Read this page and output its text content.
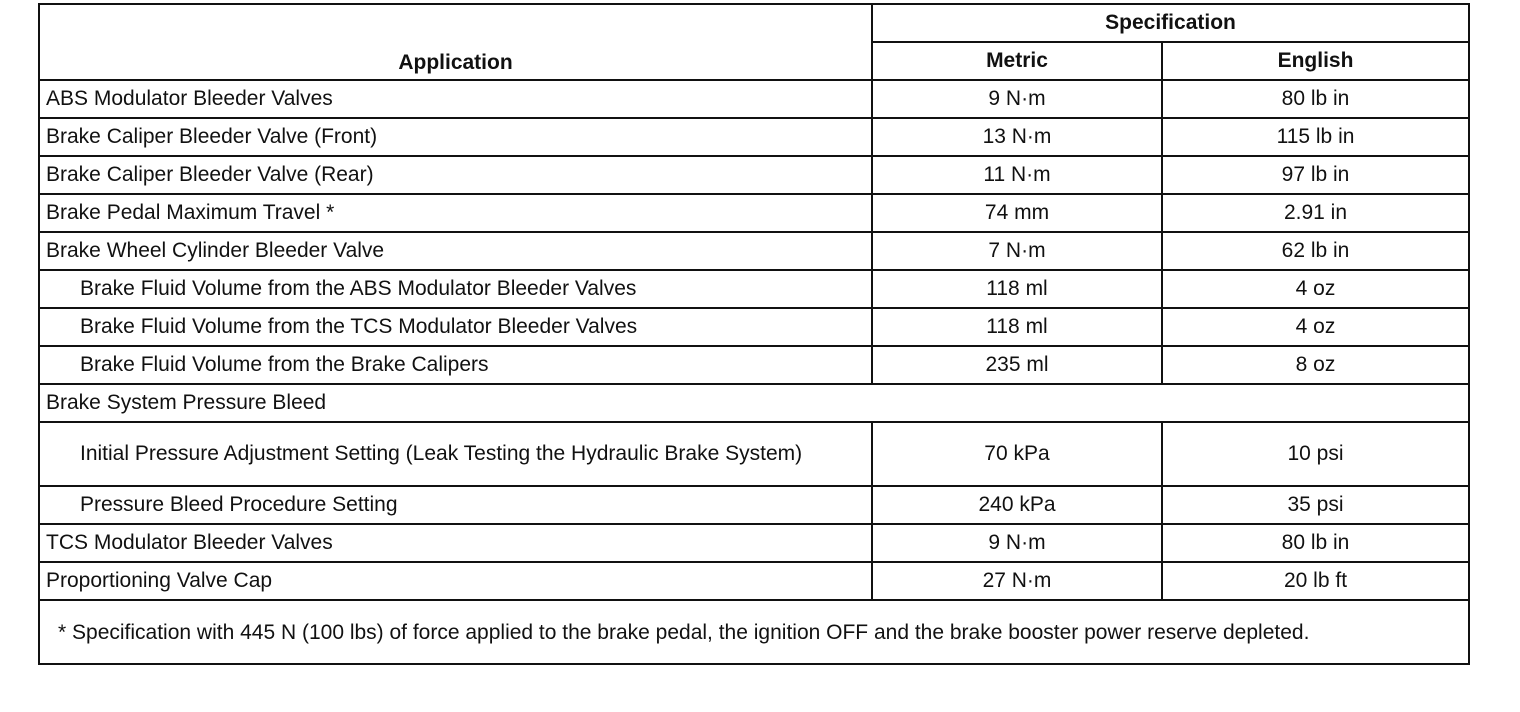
Application	Specification	
	Metric	English
ABS Modulator Bleeder Valves	9 N·m	80 lb in
Brake Caliper Bleeder Valve (Front)	13 N·m	115 lb in
Brake Caliper Bleeder Valve (Rear)	11 N·m	97 lb in
Brake Pedal Maximum Travel *	74 mm	2.91 in
Brake Wheel Cylinder Bleeder Valve	7 N·m	62 lb in
Brake Fluid Volume from the ABS Modulator Bleeder Valves	118 ml	4 oz
Brake Fluid Volume from the TCS Modulator Bleeder Valves	118 ml	4 oz
Brake Fluid Volume from the Brake Calipers	235 ml	8 oz
Brake System Pressure Bleed		
Initial Pressure Adjustment Setting (Leak Testing the Hydraulic Brake System)	70 kPa	10 psi
Pressure Bleed Procedure Setting	240 kPa	35 psi
TCS Modulator Bleeder Valves	9 N·m	80 lb in
Proportioning Valve Cap	27 N·m	20 lb ft
* Specification with 445 N (100 lbs) of force applied to the brake pedal, the ignition OFF and the brake booster power reserve depleted.		
